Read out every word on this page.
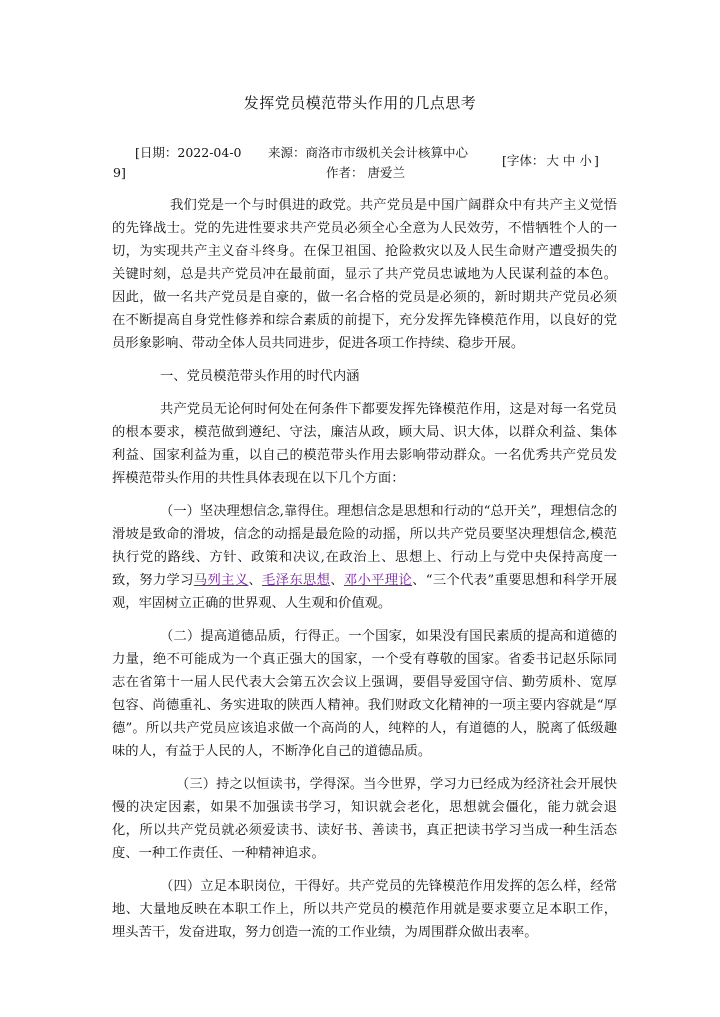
发挥党员模范带头作用的几点思考
[日期：2022-04-0
9]
来源：商洛市市级机关会计核算中心
作者： 唐爱兰
[字体： 大 中 小 ]

我们党是一个与时俱进的政党。共产党员是中国广阔群众中有共产主义觉悟的先锋战士。党的先进性要求共产党员必须全心全意为人民效劳，不惜牺牲个人的一切，为实现共产主义奋斗终身。在保卫祖国、抢险救灾以及人民生命财产遭受损失的关键时刻，总是共产党员冲在最前面，显示了共产党员忠诚地为人民谋利益的本色。因此，做一名共产党员是自豪的，做一名合格的党员是必须的，新时期共产党员必须在不断提高自身党性修养和综合素质的前提下，充分发挥先锋模范作用，以良好的党员形象影响、带动全体人员共同进步，促进各项工作持续、稳步开展。

一、党员模范带头作用的时代内涵

共产党员无论何时何处在何条件下都要发挥先锋模范作用，这是对每一名党员的根本要求，模范做到遵纪、守法，廉洁从政，顾大局、识大体，以群众利益、集体利益、国家利益为重，以自己的模范带头作用去影响带动群众。一名优秀共产党员发挥模范带头作用的共性具体表现在以下几个方面：

（一）坚决理想信念,靠得住。理想信念是思想和行动的“总开关”，理想信念的滑坡是致命的滑坡，信念的动摇是最危险的动摇，所以共产党员要坚决理想信念,模范执行党的路线、方针、政策和决议,在政治上、思想上、行动上与党中央保持高度一致，努力学习马列主义、毛泽东思想、邓小平理论、“三个代表”重要思想和科学开展观，牢固树立正确的世界观、人生观和价值观。

（二）提高道德品质，行得正。一个国家，如果没有国民素质的提高和道德的力量，绝不可能成为一个真正强大的国家，一个受有尊敬的国家。省委书记赵乐际同志在省第十一届人民代表大会第五次会议上强调，要倡导爱国守信、勤劳质朴、宽厚包容、尚德重礼、务实进取的陕西人精神。我们财政文化精神的一项主要内容就是“厚德”。所以共产党员应该追求做一个高尚的人，纯粹的人，有道德的人，脱离了低级趣味的人，有益于人民的人，不断净化自己的道德品质。

（三）持之以恒读书，学得深。当今世界，学习力已经成为经济社会开展快慢的决定因素，如果不加强读书学习，知识就会老化，思想就会僵化，能力就会退化，所以共产党员就必须爱读书、读好书、善读书，真正把读书学习当成一种生活态度、一种工作责任、一种精神追求。

（四）立足本职岗位，干得好。共产党员的先锋模范作用发挥的怎么样，经常地、大量地反映在本职工作上，所以共产党员的模范作用就是要求要立足本职工作，埋头苦干，发奋进取，努力创造一流的工作业绩，为周围群众做出表率。
